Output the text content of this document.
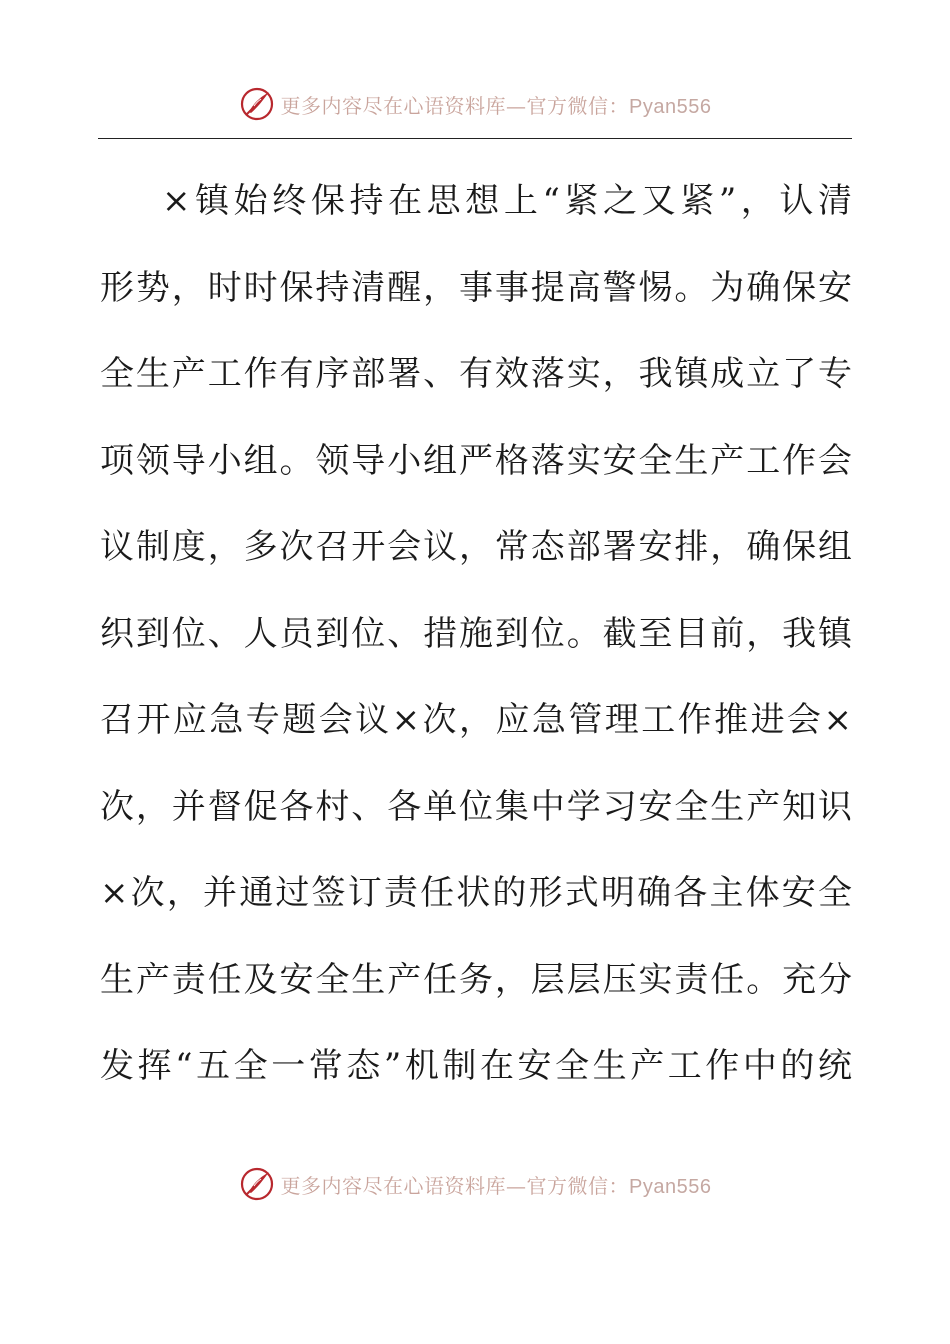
更多内容尽在心语资料库—官方微信：Pyan556
×镇始终保持在思想上“紧之又紧”，认清
形势，时时保持清醒，事事提高警惕。为确保安
全生产工作有序部署、有效落实，我镇成立了专
项领导小组。领导小组严格落实安全生产工作会
议制度，多次召开会议，常态部署安排，确保组
织到位、人员到位、措施到位。截至目前，我镇
召开应急专题会议×次，应急管理工作推进会×
次，并督促各村、各单位集中学习安全生产知识
×次，并通过签订责任状的形式明确各主体安全
生产责任及安全生产任务，层层压实责任。充分
发挥“五全一常态”机制在安全生产工作中的统
更多内容尽在心语资料库—官方微信：Pyan556
